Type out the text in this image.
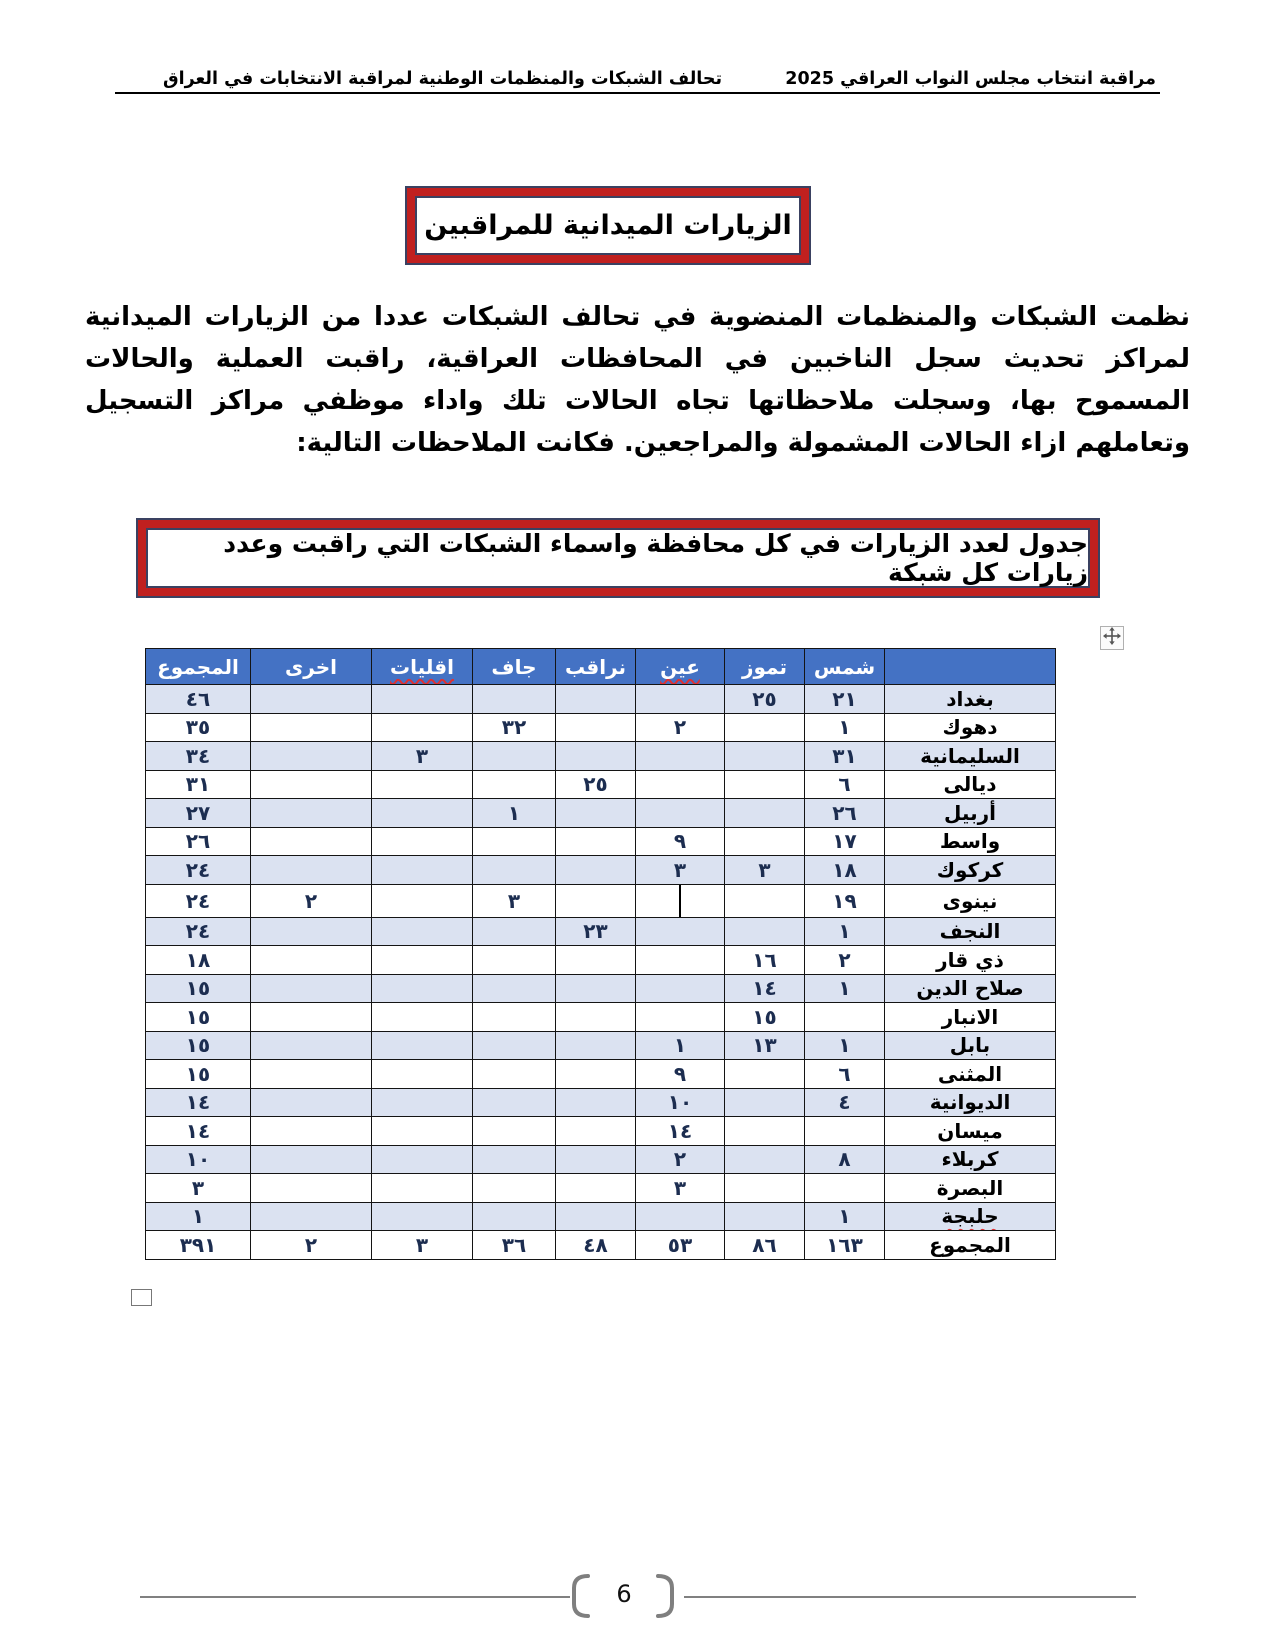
تحالف الشبكات والمنظمات الوطنية لمراقبة الانتخابات في العراق	مراقبة انتخاب مجلس النواب العراقي 2025
الزيارات الميدانية للمراقبين

نظمت الشبكات والمنظمات المنضوية في تحالف الشبكات عددا من الزيارات الميدانية لمراكز تحديث سجل الناخبين في المحافظات العراقية، راقبت العملية والحالات المسموح بها، وسجلت ملاحظاتها تجاه الحالات تلك واداء موظفي مراكز التسجيل وتعاملهم ازاء الحالات المشمولة والمراجعين. فكانت الملاحظات التالية:

جدول لعدد الزيارات في كل محافظة واسماء الشبكات التي راقبت وعدد زيارات كل شبكة
	شمس	تموز	عين	نراقب	جاف	اقليات	اخرى	المجموع
بغداد	٢١	٢٥						٤٦
دهوك	١		٢		٣٢			٣٥
السليمانية	٣١					٣		٣٤
ديالى	٦			٢٥				٣١
أربيل	٢٦				١			٢٧
واسط	١٧		٩					٢٦
كركوك	١٨	٣	٣					٢٤
نينوى	١٩				٣		٢	٢٤
النجف	١			٢٣				٢٤
ذي قار	٢	١٦						١٨
صلاح الدين	١	١٤						١٥
الانبار		١٥						١٥
بابل	١	١٣	١					١٥
المثنى	٦		٩					١٥
الديوانية	٤		١٠					١٤
ميسان			١٤					١٤
كربلاء	٨		٢					١٠
البصرة			٣					٣
حلبجة	١							١
المجموع	١٦٣	٨٦	٥٣	٤٨	٣٦	٣	٢	٣٩١
6
